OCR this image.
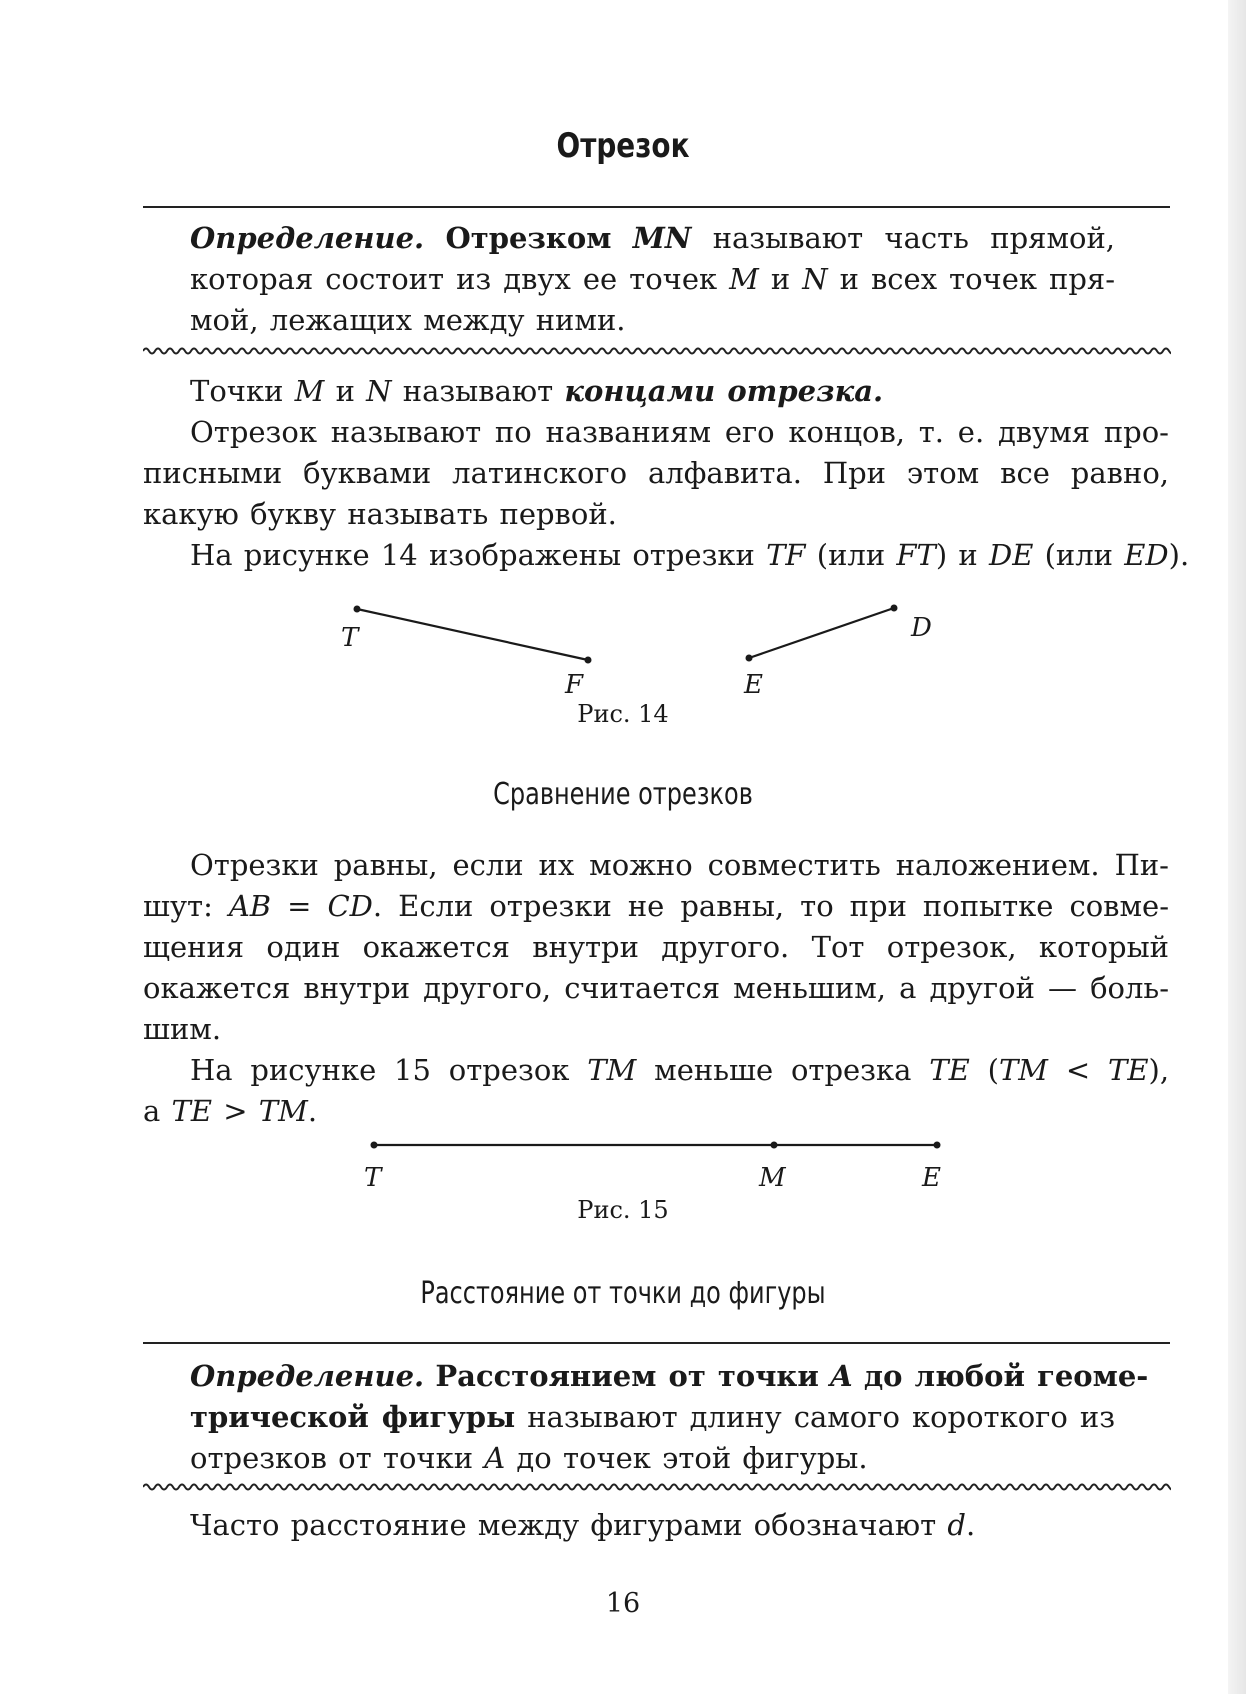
Отрезок
Определение. Отрезком MN называют часть прямой,
которая состоит из двух ее точек M и N и всех точек пря-
мой, лежащих между ними.
Точки M и N называют концами отрезка.
Отрезок называют по названиям его концов, т. е. двумя про-
писными буквами латинского алфавита. При этом все равно,
какую букву называть первой.
На рисунке 14 изображены отрезки TF (или FT) и DE (или ED).
T
F	E
D
Рис. 14
Сравнение отрезков
Отрезки равны, если их можно совместить наложением. Пи-
шут: AB = CD. Если отрезки не равны, то при попытке совме-
щения один окажется внутри другого. Тот отрезок, который
окажется внутри другого, считается меньшим, а другой — боль-
шим.
На рисунке 15 отрезок TM меньше отрезка TE (TM < TE),
а TE > TM.
T	M	E
Рис. 15
Расстояние от точки до фигуры
Определение. Расстоянием от точки A до любой геоме-
трической фигуры называют длину самого короткого из
отрезков от точки A до точек этой фигуры.
Часто расстояние между фигурами обозначают d.
16
